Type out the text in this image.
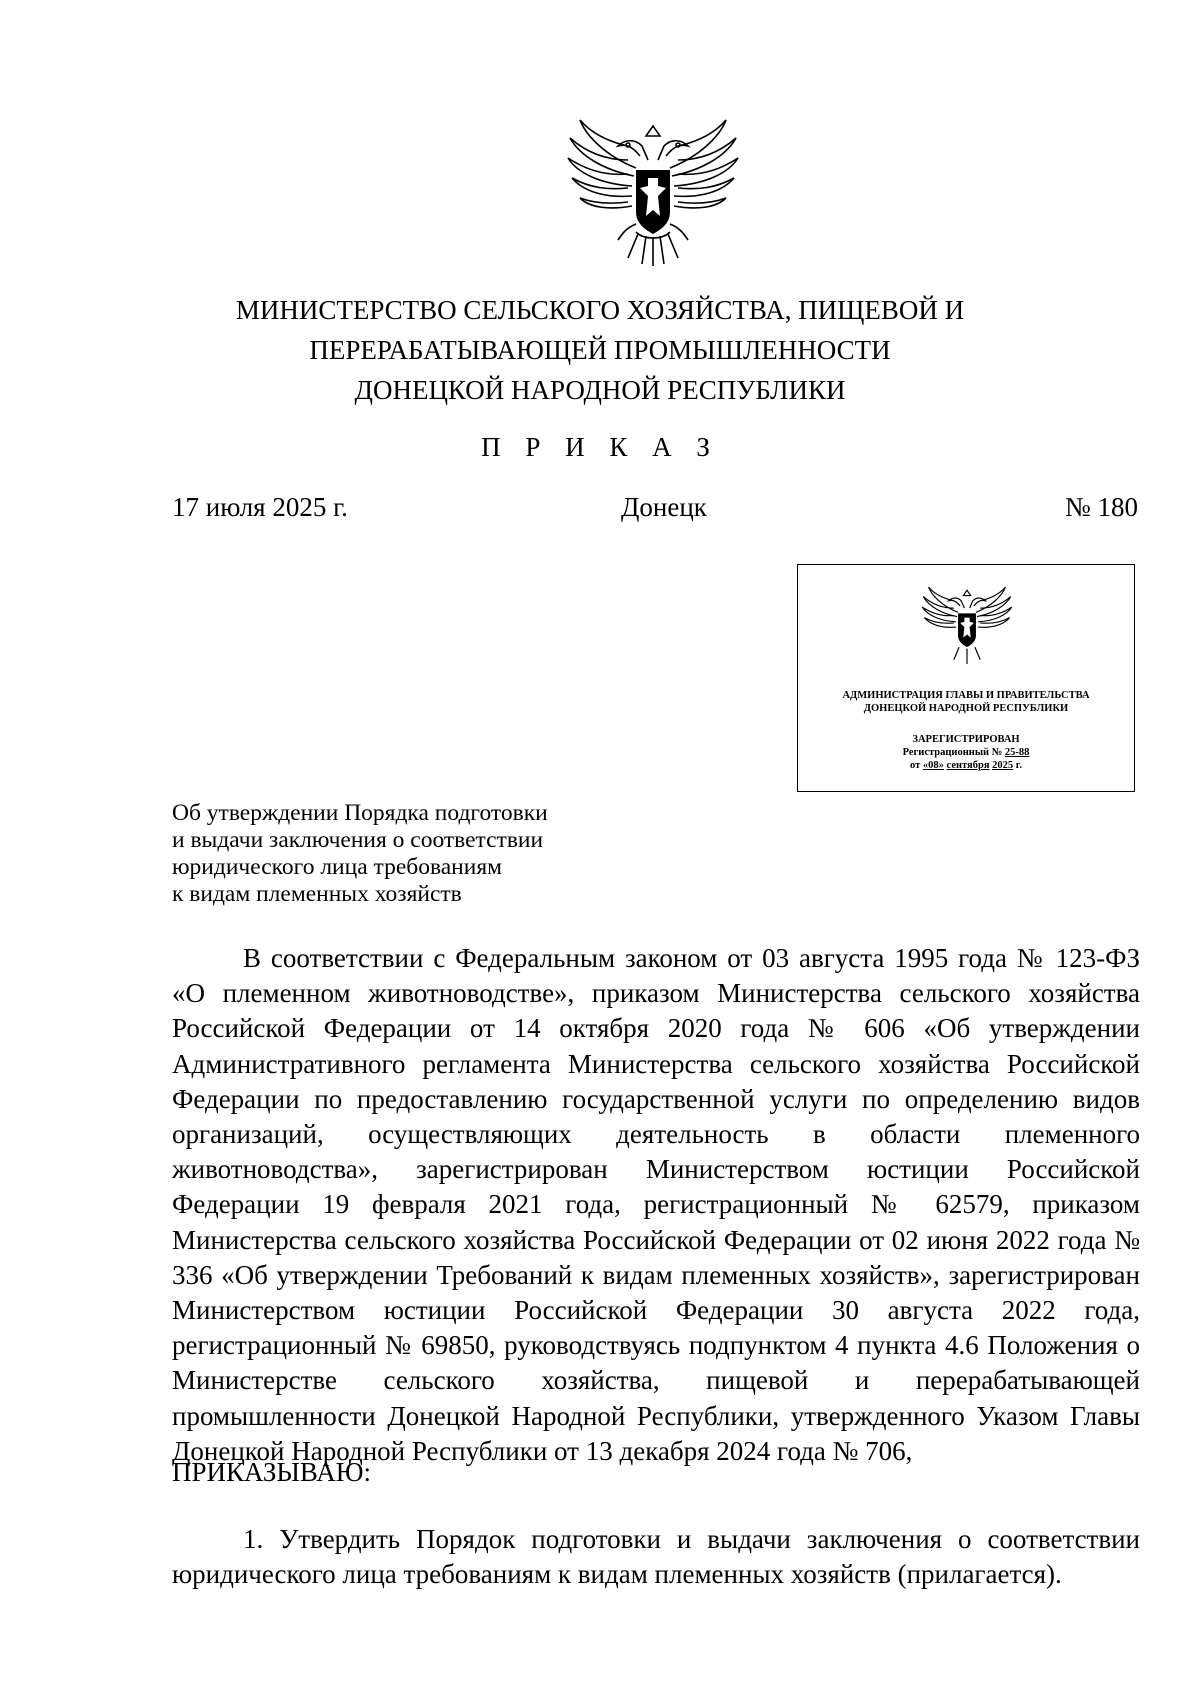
МИНИСТЕРСТВО СЕЛЬСКОГО ХОЗЯЙСТВА, ПИЩЕВОЙ И
ПЕРЕРАБАТЫВАЮЩЕЙ ПРОМЫШЛЕННОСТИ
ДОНЕЦКОЙ НАРОДНОЙ РЕСПУБЛИКИ
П Р И К А З
17 июля 2025 г.	Донецк	№ 180
АДМИНИСТРАЦИЯ ГЛАВЫ И ПРАВИТЕЛЬСТВА
ДОНЕЦКОЙ НАРОДНОЙ РЕСПУБЛИКИ
ЗАРЕГИСТРИРОВАН
Регистрационный № 25-88
от «08» сентября 2025 г.
Об утверждении Порядка подготовки
и выдачи заключения о соответствии
юридического лица требованиям
к видам племенных хозяйств

В соответствии с Федеральным законом от 03 августа 1995 года № 123-ФЗ «О племенном животноводстве», приказом Министерства сельского хозяйства Российской Федерации от 14 октября 2020 года № 606 «Об утверждении Административного регламента Министерства сельского хозяйства Российской Федерации по предоставлению государственной услуги по определению видов организаций, осуществляющих деятельность в области племенного животноводства», зарегистрирован Министерством юстиции Российской Федерации 19 февраля 2021 года, регистрационный № 62579, приказом Министерства сельского хозяйства Российской Федерации от 02 июня 2022 года № 336 «Об утверждении Требований к видам племенных хозяйств», зарегистрирован Министерством юстиции Российской Федерации 30 августа 2022 года, регистрационный № 69850, руководствуясь подпунктом 4 пункта 4.6 Положения о Министерстве сельского хозяйства, пищевой и перерабатывающей промышленности Донецкой Народной Республики, утвержденного Указом Главы Донецкой Народной Республики от 13 декабря 2024 года № 706,

ПРИКАЗЫВАЮ:

1. Утвердить Порядок подготовки и выдачи заключения о соответствии юридического лица требованиям к видам племенных хозяйств (прилагается).
